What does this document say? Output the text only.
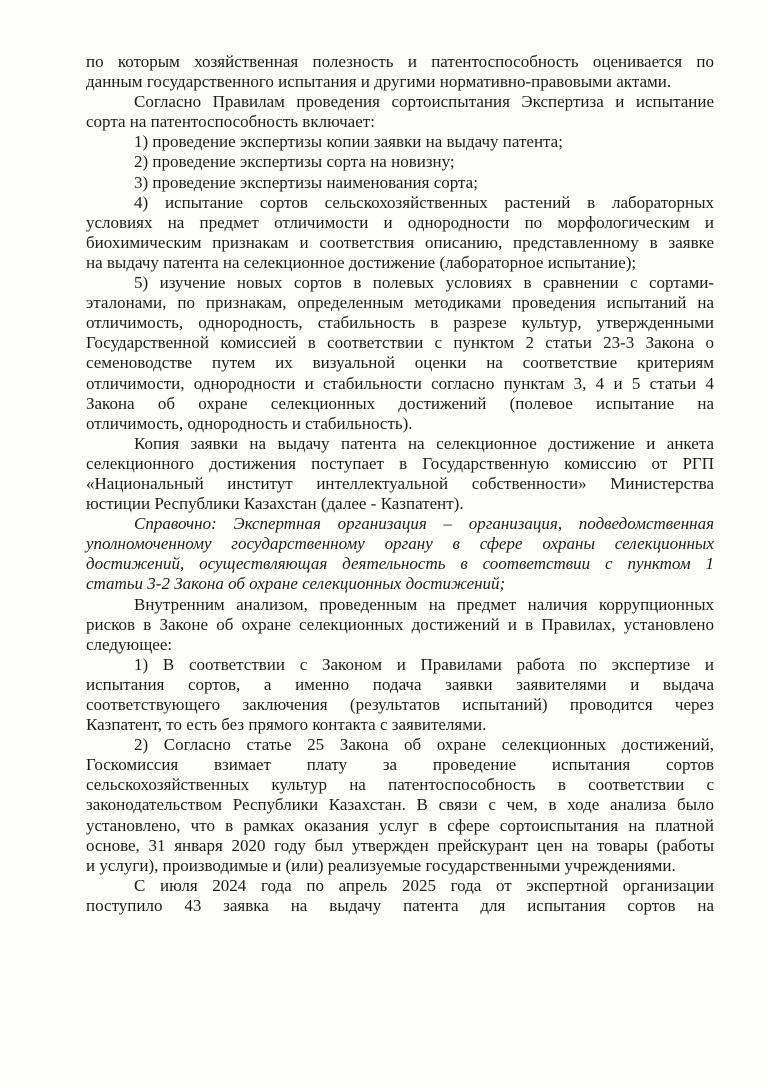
по которым хозяйственная полезность и патентоспособность оценивается по
данным государственного испытания и другими нормативно-правовыми актами.
Согласно Правилам проведения сортоиспытания Экспертиза и испытание
сорта на патентоспособность включает:
1) проведение экспертизы копии заявки на выдачу патента;
2) проведение экспертизы сорта на новизну;
3) проведение экспертизы наименования сорта;
4) испытание сортов сельскохозяйственных растений в лабораторных
условиях на предмет отличимости и однородности по морфологическим и
биохимическим признакам и соответствия описанию, представленному в заявке
на выдачу патента на селекционное достижение (лабораторное испытание);
5) изучение новых сортов в полевых условиях в сравнении с сортами-
эталонами, по признакам, определенным методиками проведения испытаний на
отличимость, однородность, стабильность в разрезе культур, утвержденными
Государственной комиссией в соответствии с пунктом 2 статьи 23-3 Закона о
семеноводстве путем их визуальной оценки на соответствие критериям
отличимости, однородности и стабильности согласно пунктам 3, 4 и 5 статьи 4
Закона об охране селекционных достижений (полевое испытание на
отличимость, однородность и стабильность).
Копия заявки на выдачу патента на селекционное достижение и анкета
селекционного достижения поступает в Государственную комиссию от РГП
«Национальный институт интеллектуальной собственности» Министерства
юстиции Республики Казахстан (далее - Казпатент).
Справочно: Экспертная организация – организация, подведомственная
уполномоченному государственному органу в сфере охраны селекционных
достижений, осуществляющая деятельность в соответствии с пунктом 1
статьи 3-2 Закона об охране селекционных достижений;
Внутренним анализом, проведенным на предмет наличия коррупционных
рисков в Законе об охране селекционных достижений и в Правилах, установлено
следующее:
1) В соответствии с Законом и Правилами работа по экспертизе и
испытания сортов, а именно подача заявки заявителями и выдача
соответствующего заключения (результатов испытаний) проводится через
Казпатент, то есть без прямого контакта с заявителями.
2) Согласно статье 25 Закона об охране селекционных достижений,
Госкомиссия взимает плату за проведение испытания сортов
сельскохозяйственных культур на патентоспособность в соответствии с
законодательством Республики Казахстан. В связи с чем, в ходе анализа было
установлено, что в рамках оказания услуг в сфере сортоиспытания на платной
основе, 31 января 2020 году был утвержден прейскурант цен на товары (работы
и услуги), производимые и (или) реализуемые государственными учреждениями.
С июля 2024 года по апрель 2025 года от экспертной организации
поступило 43 заявка на выдачу патента для испытания сортов на
